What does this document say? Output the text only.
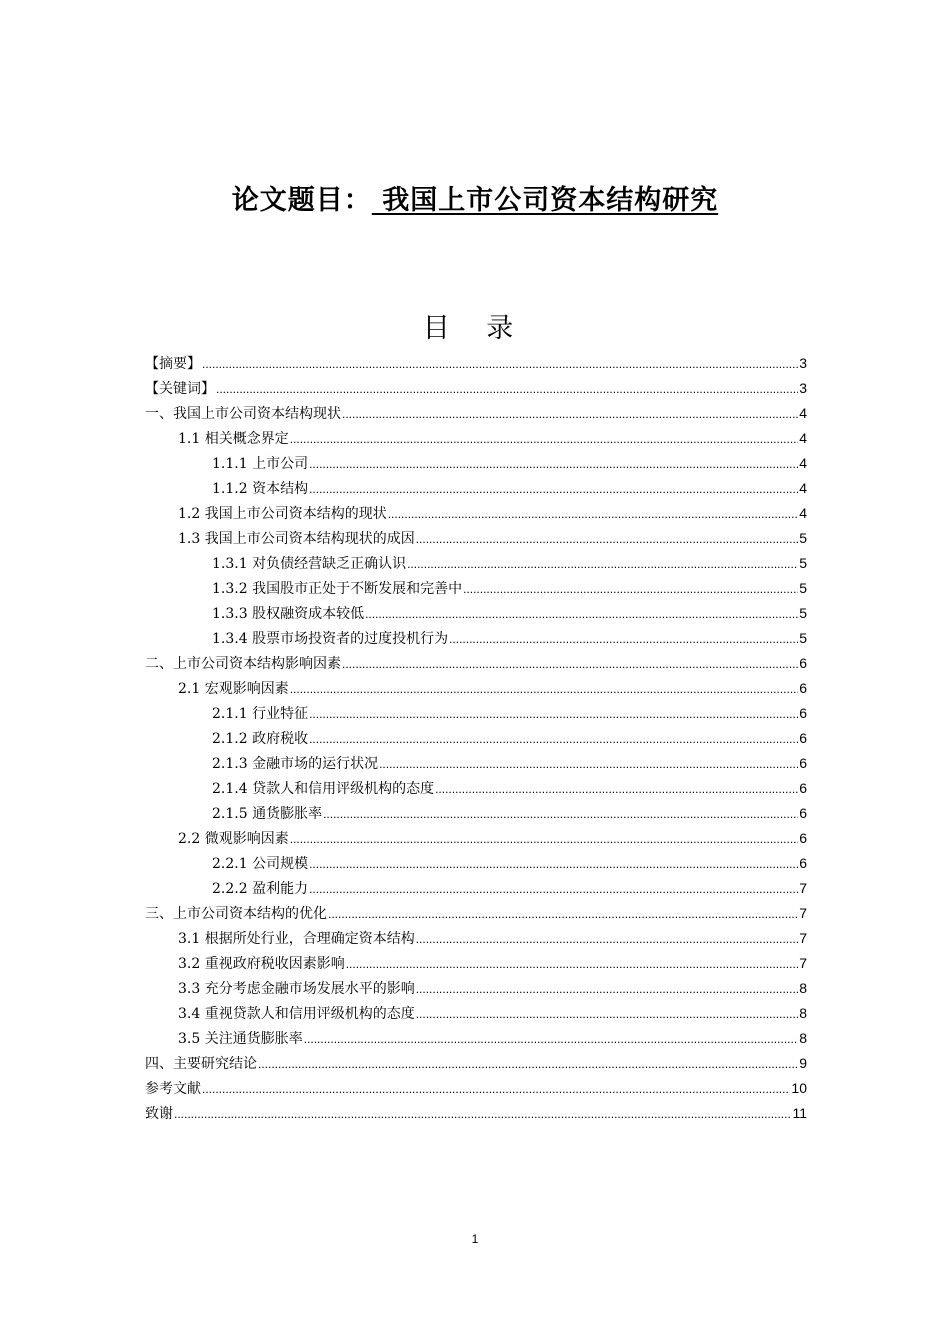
论文题目： 我国上市公司资本结构研究
目 录
【摘要】 .....	3
【关键词】 .....	3
一、我国上市公司资本结构现状 .....	4
1.1 相关概念界定 .....	4
1.1.1 上市公司 .....	4
1.1.2 资本结构 .....	4
1.2 我国上市公司资本结构的现状 .....	4
1.3 我国上市公司资本结构现状的成因 .....	5
1.3.1 对负债经营缺乏正确认识 .....	5
1.3.2 我国股市正处于不断发展和完善中 .....	5
1.3.3 股权融资成本较低 .....	5
1.3.4 股票市场投资者的过度投机行为 .....	5
二、上市公司资本结构影响因素 .....	6
2.1 宏观影响因素 .....	6
2.1.1 行业特征 .....	6
2.1.2 政府税收 .....	6
2.1.3 金融市场的运行状况 .....	6
2.1.4 贷款人和信用评级机构的态度 .....	6
2.1.5 通货膨胀率 .....	6
2.2 微观影响因素 .....	6
2.2.1 公司规模 .....	6
2.2.2 盈利能力 .....	7
三、上市公司资本结构的优化 .....	7
3.1 根据所处行业，合理确定资本结构 .....	7
3.2 重视政府税收因素影响 .....	7
3.3 充分考虑金融市场发展水平的影响 .....	8
3.4 重视贷款人和信用评级机构的态度 .....	8
3.5 关注通货膨胀率 .....	8
四、主要研究结论 .....	9
参考文献 .....	10
致谢 .....	11
1
